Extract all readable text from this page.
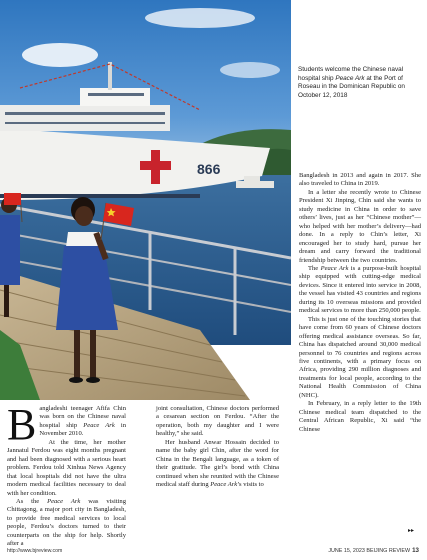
866

Students welcome the Chinese naval hospital ship Peace Ark at the Port of Roseau in the Dominican Republic on October 12, 2018

Bangladesh in 2013 and again in 2017. She also traveled to China in 2019.

In a letter she recently wrote to Chinese President Xi Jinping, Chin said she wants to study medicine in China in order to save others’ lives, just as her “Chinese mother”—who helped with her mother’s delivery—had done. In a reply to Chin’s letter, Xi encouraged her to study hard, pursue her dream and carry forward the traditional friendship between the two countries.

The Peace Ark is a purpose-built hospital ship equipped with cutting-edge medical devices. Since it entered into service in 2008, the vessel has visited 43 countries and regions during its 10 overseas missions and provided medical services to more than 250,000 people.

This is just one of the touching stories that have come from 60 years of Chinese doctors offering medical assistance overseas. So far, China has dispatched around 30,000 medical personnel to 76 countries and regions across five continents, with a primary focus on Africa, providing 290 million diagnoses and treatments for local people, according to the National Health Commission of China (NHC).

In February, in a reply letter to the 19th Chinese medical team dispatched to the Central African Republic, Xi said “the Chinese

Bangladeshi teenager Afifa Chin was born on the Chinese naval hospital ship Peace Ark in November 2010.

At the time, her mother Jannatul Ferdou was eight months pregnant and had been diagnosed with a serious heart problem. Ferdou told Xinhua News Agency that local hospitals did not have the ultra modern medical facilities necessary to deal with her condition.

As the Peace Ark was visiting Chittagong, a major port city in Bangladesh, to provide free medical services to local people, Ferdou’s doctors turned to their counterparts on the ship for help. Shortly after a

joint consultation, Chinese doctors performed a cesarean section on Ferdou. “After the operation, both my daughter and I were healthy,” she said.

Her husband Anwar Hossain decided to name the baby girl Chin, after the word for China in the Bengali language, as a token of their gratitude. The girl’s bond with China continued when she reunited with the Chinese medical staff during Peace Ark’s visits to

▸▸
http://www.bjreview.com	JUNE 15, 2023 BEIJING REVIEW 13
